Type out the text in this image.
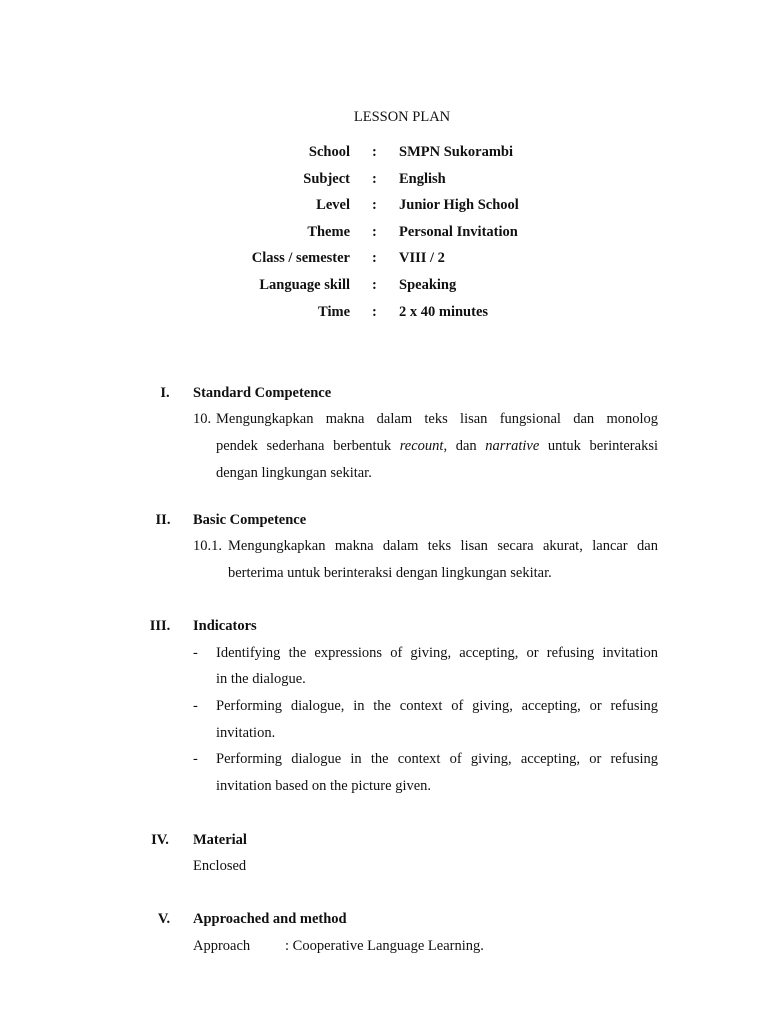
LESSON PLAN
School : SMPN Sukorambi
Subject : English
Level : Junior High School
Theme : Personal Invitation
Class / semester : VIII / 2
Language skill : Speaking
Time : 2 x 40 minutes
I.	Standard Competence
10. Mengungkapkan makna dalam teks lisan fungsional dan monolog
pendek sederhana berbentuk recount, dan narrative untuk berinteraksi
dengan lingkungan sekitar.
II.	Basic Competence
10.1. Mengungkapkan makna dalam teks lisan secara akurat, lancar dan
berterima untuk berinteraksi dengan lingkungan sekitar.
III.	Indicators
- Identifying the expressions of giving, accepting, or refusing invitation
in the dialogue.
- Performing dialogue, in the context of giving, accepting, or refusing
invitation.
- Performing dialogue in the context of giving, accepting, or refusing
invitation based on the picture given.
IV.	Material
Enclosed
V.	Approached and method
Approach : Cooperative Language Learning.
